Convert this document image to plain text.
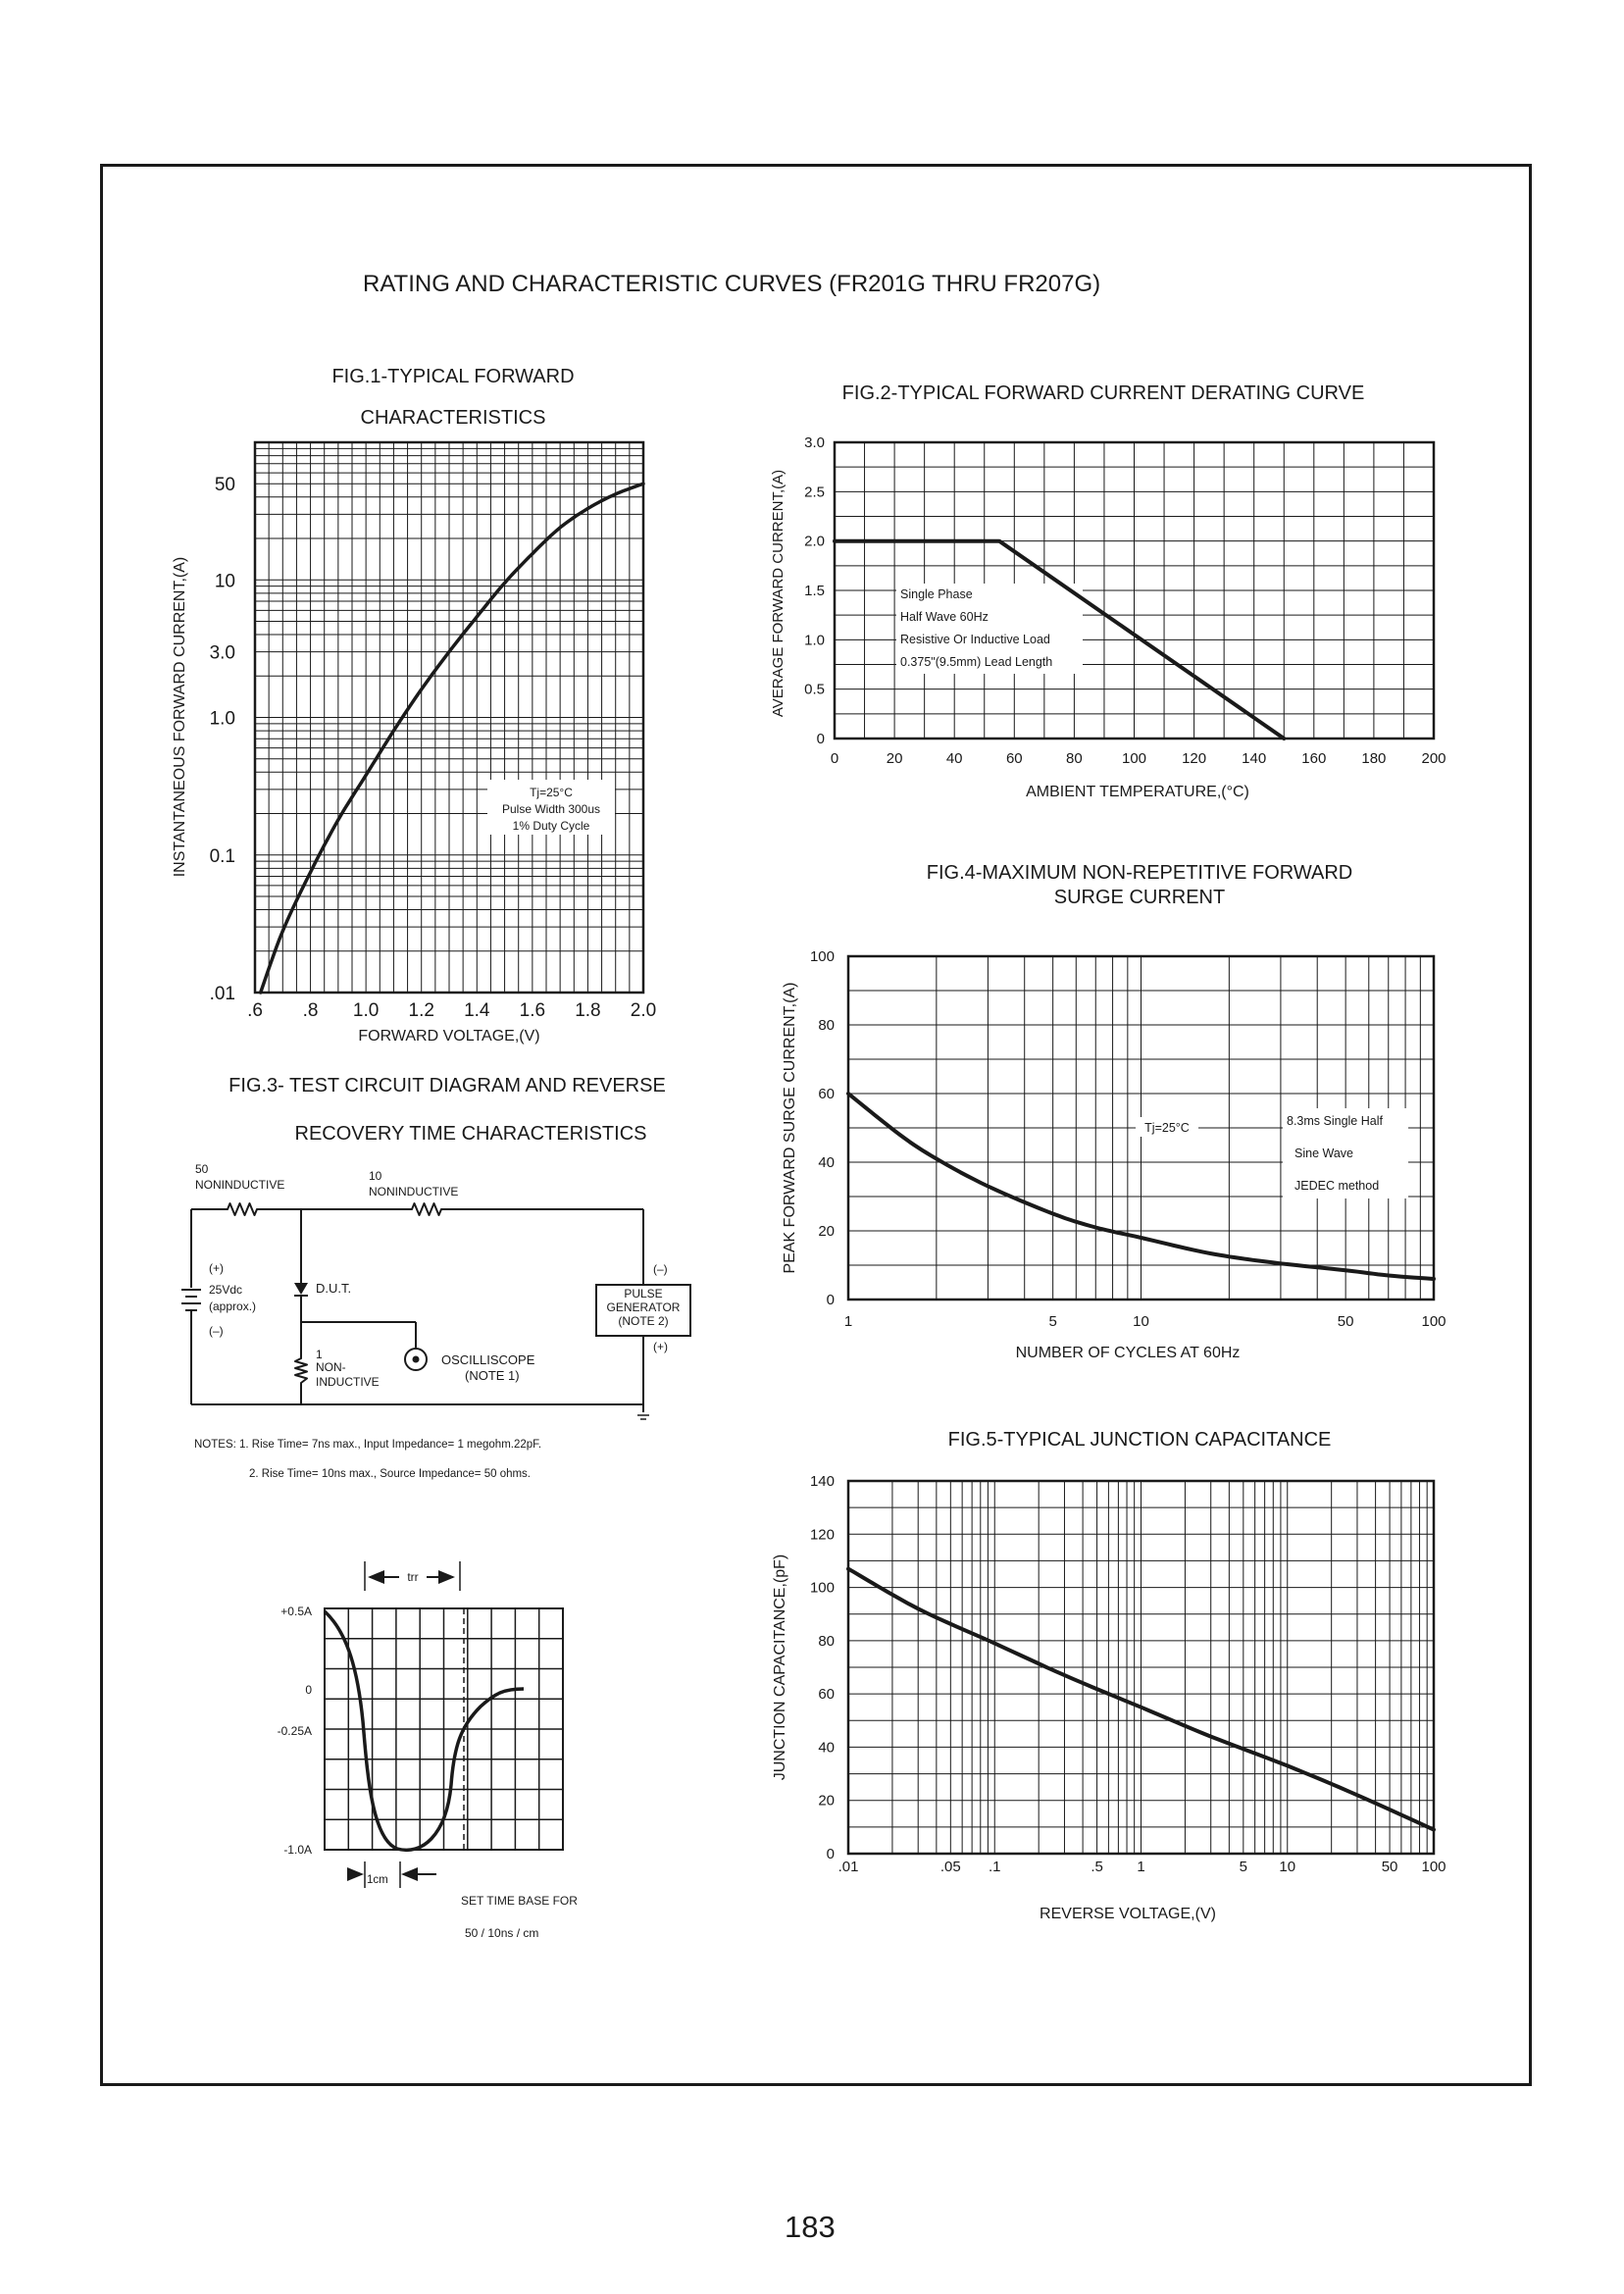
RATING AND CHARACTERISTIC CURVES (FR201G THRU FR207G)
183
FIG.1-TYPICAL FORWARD
CHARACTERISTICS
.6 .8 1.0 1.2 1.4 1.6 1.8 2.0
50
10
3.0
1.0
0.1
.01
FORWARD VOLTAGE,(V)
INSTANTANEOUS FORWARD CURRENT,(A)	Tj=25°C
Pulse Width 300us
1% Duty Cycle
FIG.2-TYPICAL FORWARD CURRENT DERATING CURVE
0	20	40	60	80	100 120 140 160 180 200
0
0.5
1.0
1.5
2.0
2.5
3.0
AMBIENT TEMPERATURE,(°C)
AVERAGE FORWARD CURRENT,(A)	Single Phase
Half Wave 60Hz
Resistive Or Inductive Load
0.375"(9.5mm) Lead Length
FIG.4-MAXIMUM NON-REPETITIVE FORWARD
SURGE CURRENT
1	5	10	50	100
0
20
40
60
80
100
NUMBER OF CYCLES AT 60Hz
PEAK FORWARD SURGE CURRENT,(A)	Tj=25°C	8.3ms Single Half
Sine Wave
JEDEC method
FIG.5-TYPICAL JUNCTION CAPACITANCE
.01	.05 .1	.5 1	5 10	50 100
0
20
40
60
80
100
120
140
REVERSE VOLTAGE,(V)
JUNCTION CAPACITANCE,(pF)
FIG.3- TEST CIRCUIT DIAGRAM AND REVERSE
RECOVERY TIME CHARACTERISTICS
50
NONINDUCTIVE
10
NONINDUCTIVE
(+)
25Vdc
(approx.)
(–)
D.U.T.
1
NON-
INDUCTIVE
OSCILLISCOPE
(NOTE 1)
PULSE
GENERATOR
(NOTE 2)
(–)
(+)
NOTES: 1. Rise Time= 7ns max., Input Impedance= 1 megohm.22pF.
2. Rise Time= 10ns max., Source Impedance= 50 ohms.
+0.5A
0
-0.25A
-1.0A
trr
1cm
SET TIME BASE FOR
50 / 10ns / cm
